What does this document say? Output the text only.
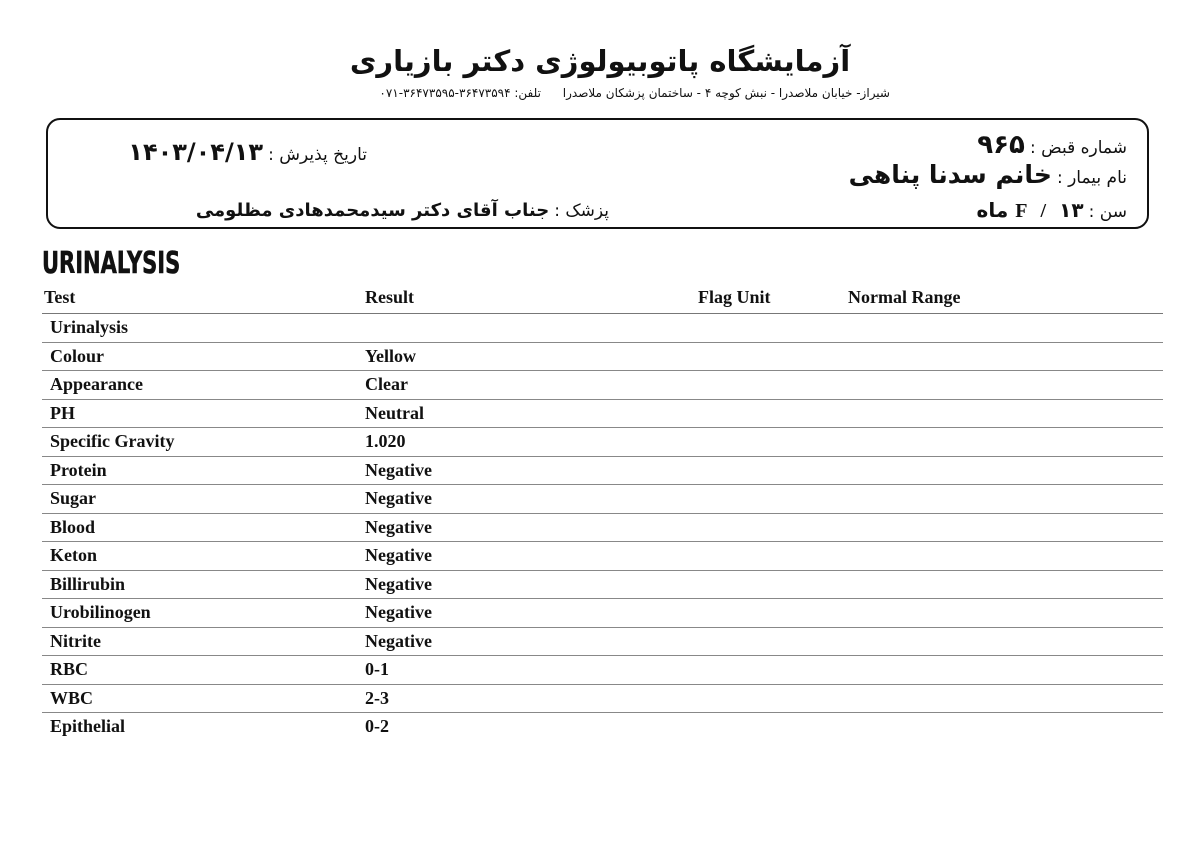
آزمایشگاه پاتوبیولوژی دکتر بازیاری
شیراز- خیابان ملاصدرا - نبش کوچه ۴ - ساختمان پزشکان ملاصدرا تلفن: ۳۶۴۷۳۵۹۴-۳۶۴۷۳۵۹۵-۰۷۱
شماره قبض : ۹۶۵
نام بیمار : خانم سدنا پناهی
سن : F / ۱۳ ماه
تاریخ پذیرش : ۱۴۰۳/۰۴/۱۳
پزشک : جناب آقای دکتر سیدمحمدهادی مظلومی
URINALYSIS
Test	Result	Flag Unit	Normal Range
Urinalysis			
Colour	Yellow		
Appearance	Clear		
PH	Neutral		
Specific Gravity	1.020		
Protein	Negative		
Sugar	Negative		
Blood	Negative		
Keton	Negative		
Billirubin	Negative		
Urobilinogen	Negative		
Nitrite	Negative		
RBC	0-1		
WBC	2-3		
Epithelial	0-2		
